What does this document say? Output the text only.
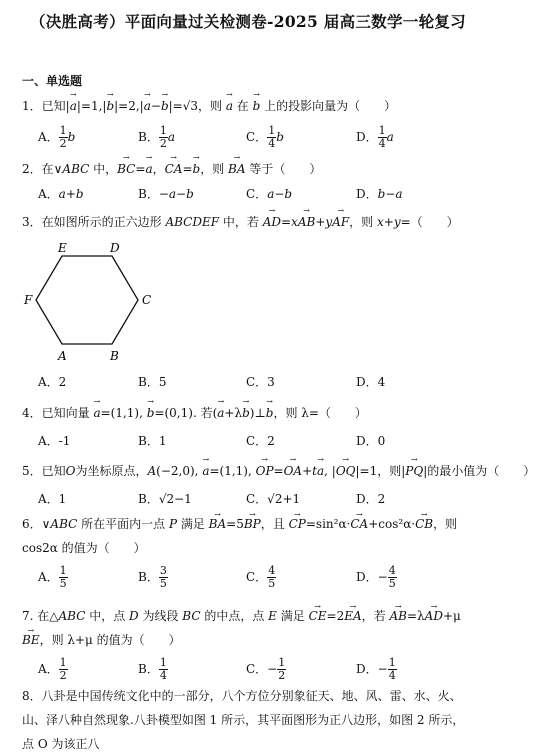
（决胜高考）平面向量过关检测卷-2025 届高三数学一轮复习
一、单选题
1．已知|→ a|=1,|→ b|=2,|→ a−→ b|=√3，则 → a 在 → b 上的投影向量为（　　）
A． $\frac{1}{2}$ b	B． $\frac{1}{2}$ a	C． $\frac{1}{4}$ b	D． $\frac{1}{4}$ a
2．在∨ABC 中，→ BC=→ a，→ CA=→ b，则 → BA 等于（　　）
A．a+b	B．−a−b	C．a−b	D．b−a
3．在如图所示的正六边形 ABCDEF 中，若 → AD=x→ AB+y→ AF，则 x+y=（　　）
A	B
C
D
E
F
A．2	B．5	C．3	D．4
4．已知向量 → a=(1,1), → b=(0,1). 若(→ a+λ→ b)⊥→ b，则 λ=（　　）
A．-1	B．1	C．2	D．0
5．已知O为坐标原点，A(−2,0), → a=(1,1), → OP=→ OA+t→ a, |→ OQ|=1，则|→ PQ|的最小值为（　　）
A．1	B．√2−1	C．√2+1	D．2
6．∨ABC 所在平面内一点 P 满足 → BA=5→ BP，且 → CP=sin²α·→ CA+cos²α·→ CB，则 cos2α 的值为（　　）
A． $\frac{1}{5}$	B． $\frac{3}{5}$	C． $\frac{4}{5}$	D．− $\frac{4}{5}$
7. 在△ABC 中，点 D 为线段 BC 的中点，点 E 满足 → CE=2→ EA，若 → AB=λ→ AD+μ→ BE，则 λ+μ 的值为（　　）
A． $\frac{1}{2}$	B． $\frac{1}{4}$	C．− $\frac{1}{2}$	D．− $\frac{1}{4}$
8．八卦是中国传统文化中的一部分，八个方位分别象征天、地、风、雷、水、火、山、泽八种自然现象.八卦模型如图 1 所示，其平面图形为正八边形，如图 2 所示，点 O 为该正八
